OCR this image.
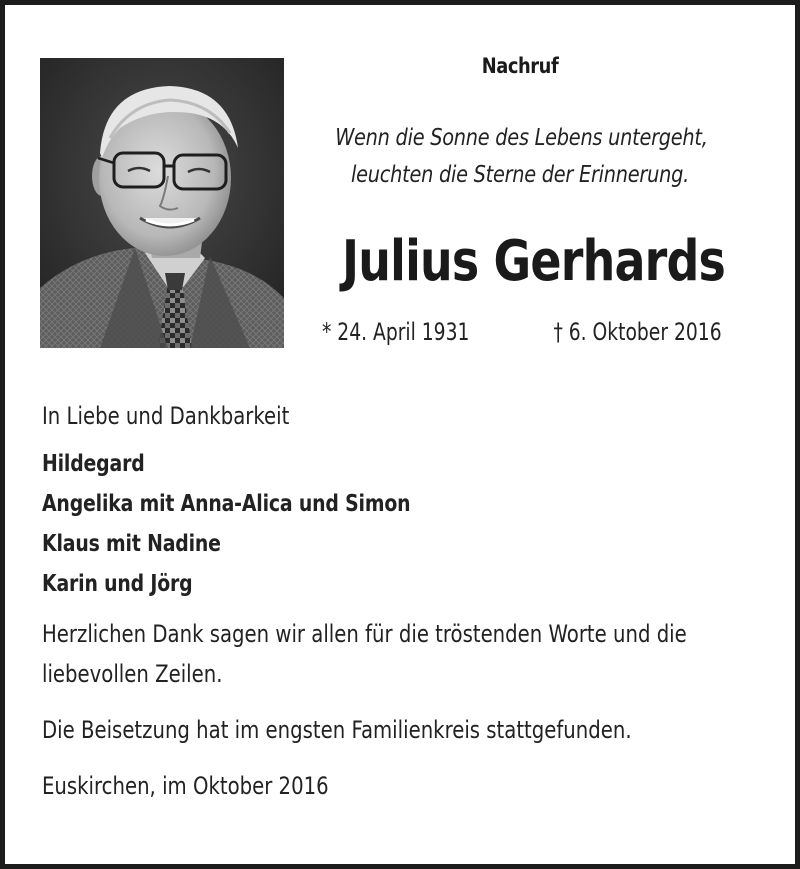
Nachruf
Wenn die Sonne des Lebens untergeht,
leuchten die Sterne der Erinnerung.
Julius Gerhards
* 24. April 1931	† 6. Oktober 2016
In Liebe und Dankbarkeit
Hildegard
Angelika mit Anna-Alica und Simon
Klaus mit Nadine
Karin und Jörg
Herzlichen Dank sagen wir allen für die tröstenden Worte und die
liebevollen Zeilen.
Die Beisetzung hat im engsten Familienkreis stattgefunden.
Euskirchen, im Oktober 2016
